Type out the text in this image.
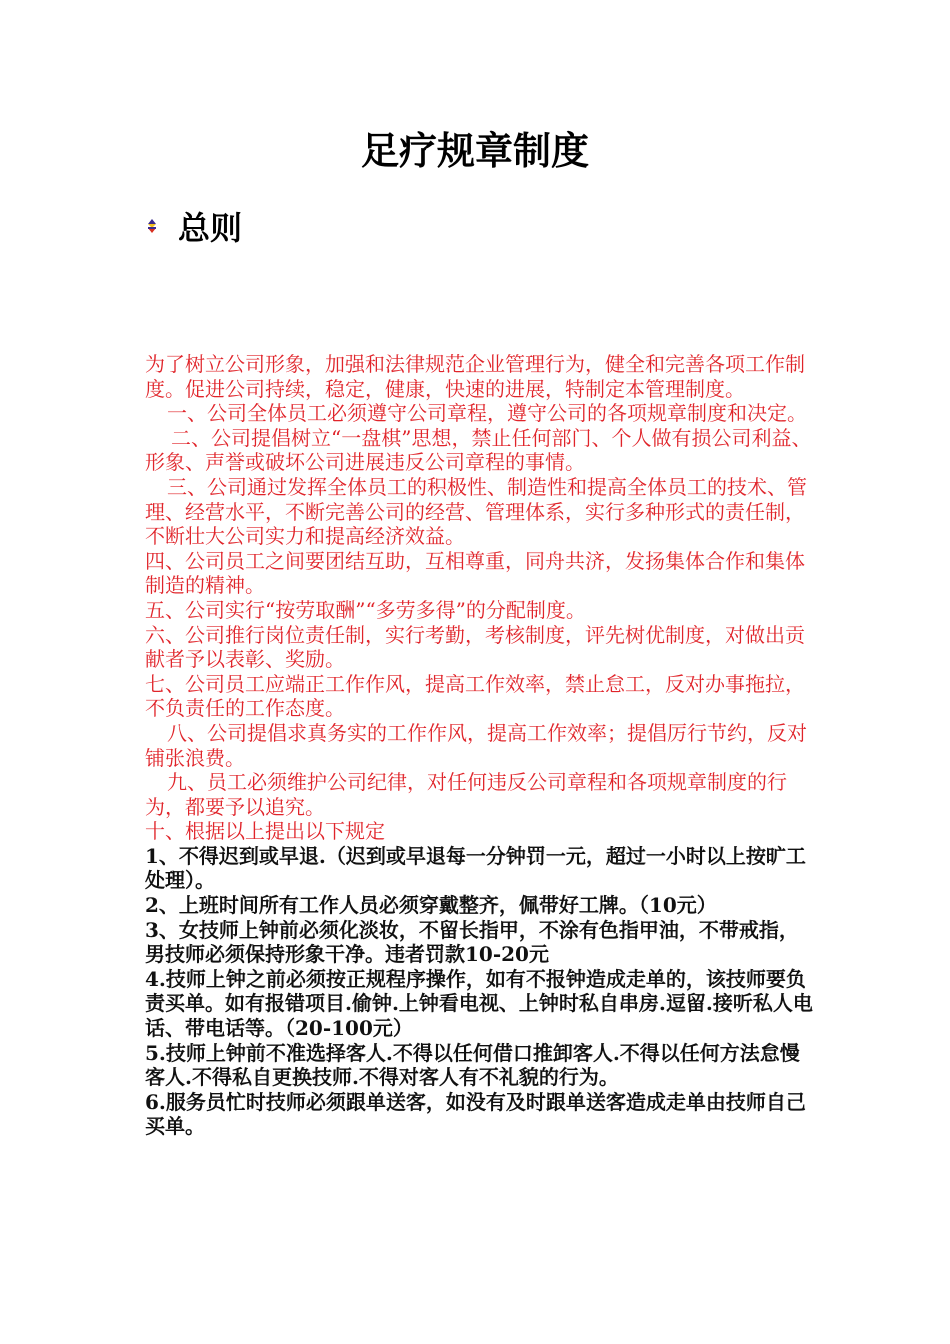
足疗规章制度
总则

为了树立公司形象，加强和法律规范企业管理行为，健全和完善各项工作制度。促进公司持续，稳定，健康，快速的进展，特制定本管理制度。

一、公司全体员工必须遵守公司章程，遵守公司的各项规章制度和决定。

二、公司提倡树立“一盘棋”思想，禁止任何部门、个人做有损公司利益、形象、声誉或破坏公司进展违反公司章程的事情。

三、公司通过发挥全体员工的积极性、制造性和提高全体员工的技术、管理、经营水平，不断完善公司的经营、管理体系，实行多种形式的责任制，不断壮大公司实力和提高经济效益。

四、公司员工之间要团结互助，互相尊重，同舟共济，发扬集体合作和集体制造的精神。

五、公司实行“按劳取酬”“多劳多得”的分配制度。

六、公司推行岗位责任制，实行考勤，考核制度，评先树优制度，对做出贡献者予以表彰、奖励。

七、公司员工应端正工作作风，提高工作效率，禁止怠工，反对办事拖拉，不负责任的工作态度。

八、公司提倡求真务实的工作作风，提高工作效率；提倡厉行节约，反对铺张浪费。

九、员工必须维护公司纪律，对任何违反公司章程和各项规章制度的行为，都要予以追究。

十、根据以上提出以下规定

1、不得迟到或早退.（迟到或早退每一分钟罚一元，超过一小时以上按旷工处理）。

2、上班时间所有工作人员必须穿戴整齐，佩带好工牌。（10元）

3、女技师上钟前必须化淡妆，不留长指甲，不涂有色指甲油，不带戒指，男技师必须保持形象干净。违者罚款10-20元

4.技师上钟之前必须按正规程序操作，如有不报钟造成走单的，该技师要负责买单。如有报错项目.偷钟.上钟看电视、上钟时私自串房.逗留.接听私人电话、带电话等。（20-100元）

5.技师上钟前不准选择客人.不得以任何借口推卸客人.不得以任何方法怠慢客人.不得私自更换技师.不得对客人有不礼貌的行为。

6.服务员忙时技师必须跟单送客，如没有及时跟单送客造成走单由技师自己买单。
